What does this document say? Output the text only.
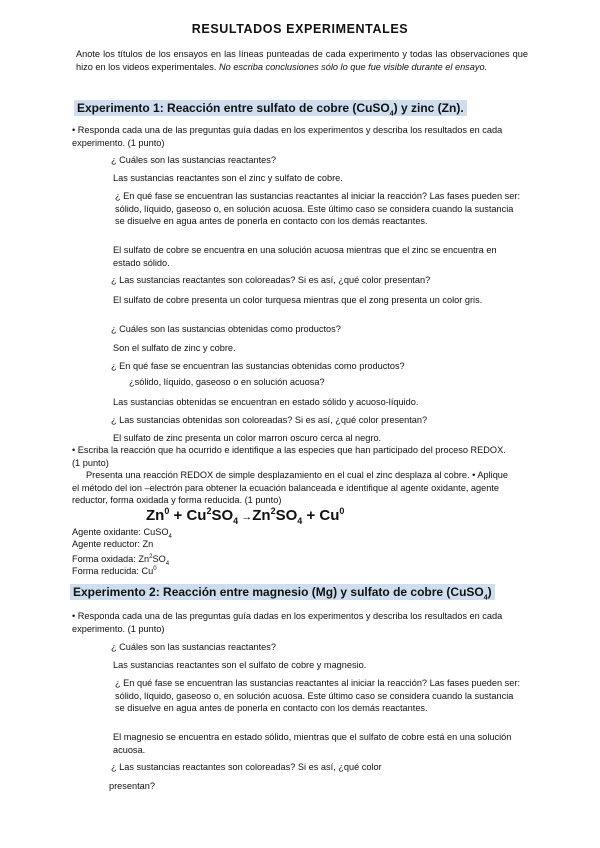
RESULTADOS EXPERIMENTALES

Anote los títulos de los ensayos en las líneas punteadas de cada experimento y todas las observaciones que hizo en los videos experimentales. No escriba conclusiones sólo lo que fue visible durante el ensayo.

Experimento 1: Reacción entre sulfato de cobre (CuSO$_4$) y zinc (Zn).

• Responda cada una de las preguntas guía dadas en los experimentos y describa los resultados en cada experimento. (1 punto)

¿ Cuáles son las sustancias reactantes?

Las sustancias reactantes son el zinc y sulfato de cobre.

¿ En qué fase se encuentran las sustancias reactantes al iniciar la reacción? Las fases pueden ser: sólido, líquido, gaseoso o, en solución acuosa. Este último caso se considera cuando la sustancia se disuelve en agua antes de ponerla en contacto con los demás reactantes.

El sulfato de cobre se encuentra en una solución acuosa mientras que el zinc se encuentra en estado sólido.

¿ Las sustancias reactantes son coloreadas? Si es así, ¿qué color presentan?

El sulfato de cobre presenta un color turquesa mientras que el zong presenta un color gris.

¿ Cuáles son las sustancias obtenidas como productos?

Son el sulfato de zinc y cobre.

¿ En qué fase se encuentran las sustancias obtenidas como productos?

¿sólido, líquido, gaseoso o en solución acuosa?

Las sustancias obtenidas se encuentran en estado sólido y acuoso-líquido.

¿ Las sustancias obtenidas son coloreadas? Si es así, ¿qué color presentan?

El sulfato de zinc presenta un color marron oscuro cerca al negro.

• Escriba la reacción que ha ocurrido e identifique a las especies que han participado del proceso REDOX. (1 punto)

Presenta una reacción REDOX de simple desplazamiento en el cual el zinc desplaza al cobre. • Aplique el método del ion –electrón para obtener la ecuación balanceada e identifique al agente oxidante, agente reductor, forma oxidada y forma reducida. (1 punto)

$Zn^0 + Cu^2SO_4 \to Zn^2SO_4 + Cu^0$

Agente oxidante: CuSO$_4$

Agente reductor: Zn

Forma oxidada: $Zn^2SO_4$

Forma reducida: Cu$^0$

Experimento 2: Reacción entre magnesio (Mg) y sulfato de cobre (CuSO$_4$)

• Responda cada una de las preguntas guía dadas en los experimentos y describa los resultados en cada experimento. (1 punto)

¿ Cuáles son las sustancias reactantes?

Las sustancias reactantes son el sulfato de cobre y magnesio.

¿ En qué fase se encuentran las sustancias reactantes al iniciar la reacción? Las fases pueden ser: sólido, líquido, gaseoso o, en solución acuosa. Este último caso se considera cuando la sustancia se disuelve en agua antes de ponerla en contacto con los demás reactantes.

El magnesio se encuentra en estado sólido, mientras que el sulfato de cobre está en una solución acuosa.

¿ Las sustancias reactantes son coloreadas? Si es así, ¿qué color

presentan?
